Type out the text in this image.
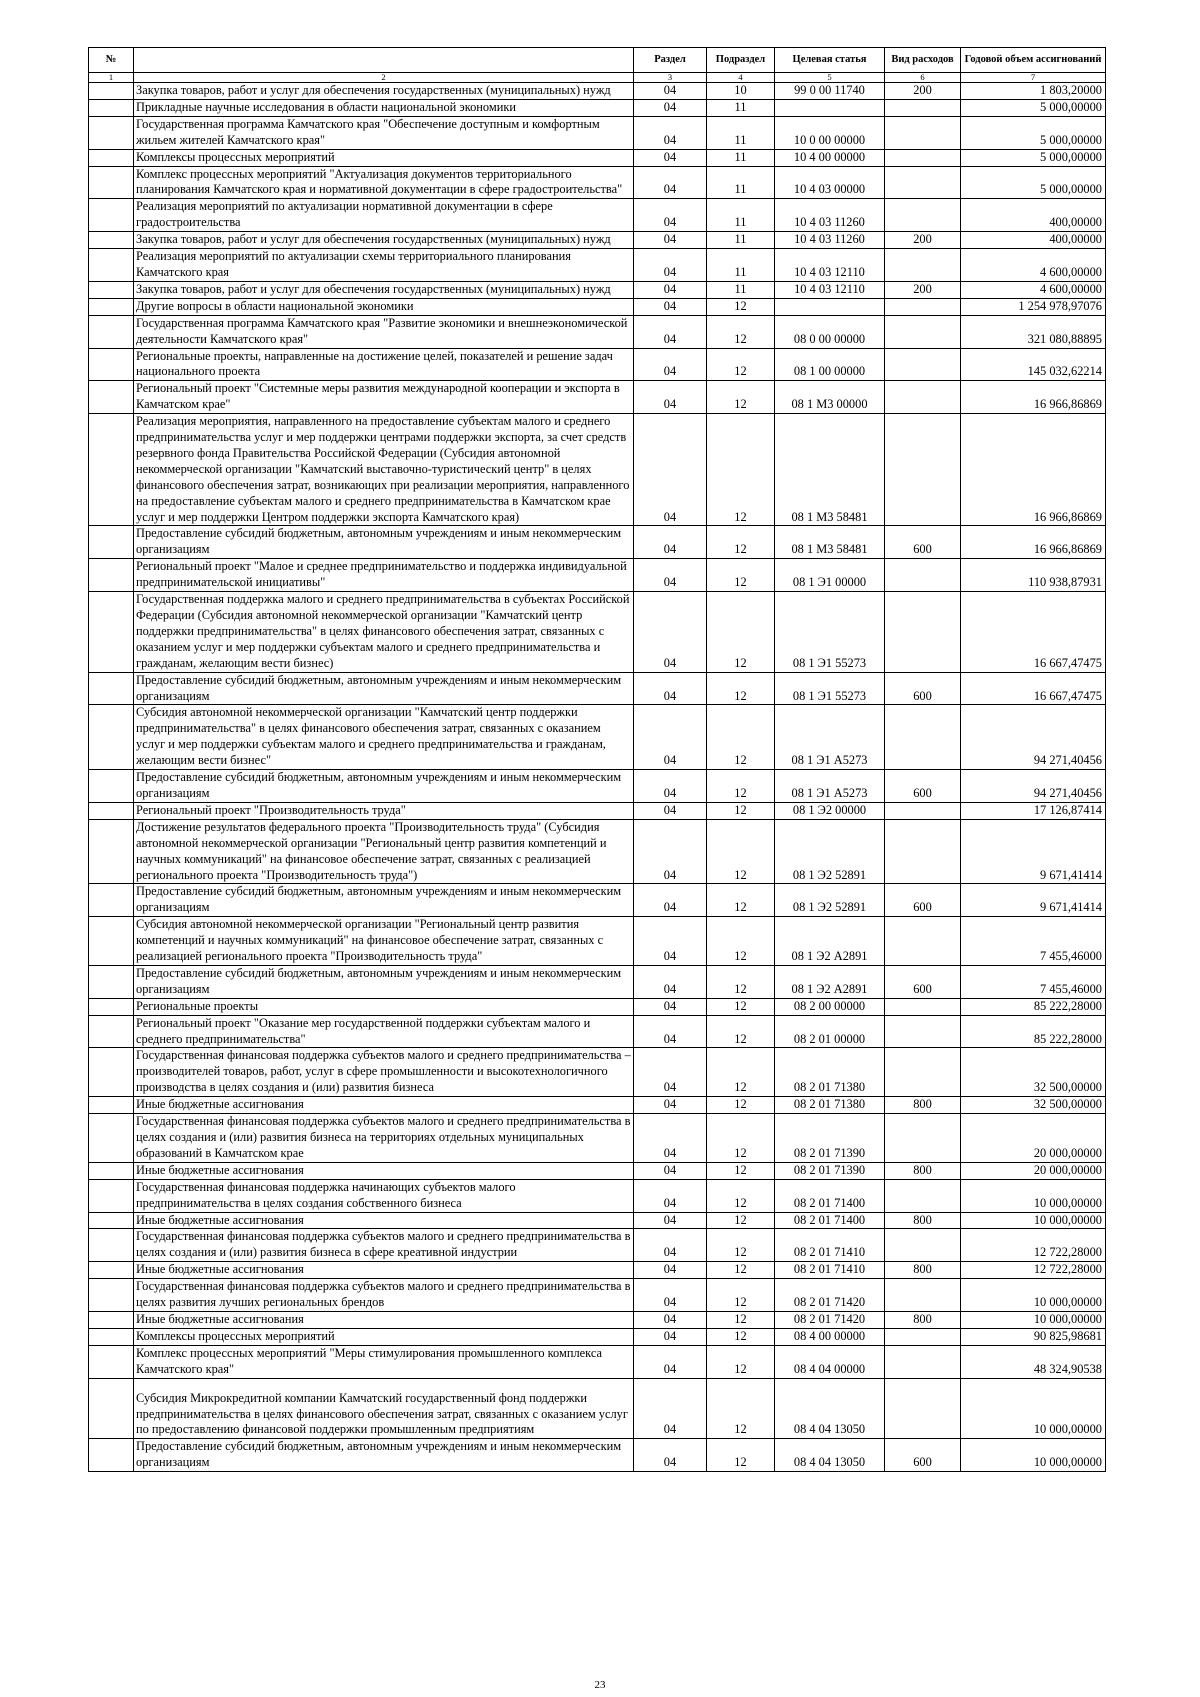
№		Раздел	Подраздел	Целевая статья	Вид расходов	Годовой объем ассигнований
1	2	3	4	5	6	7
	Закупка товаров, работ и услуг для обеспечения государственных (муниципальных) нужд	04	10	99 0 00 11740	200	1 803,20000
	Прикладные научные исследования в области национальной экономики	04	11			5 000,00000
	Государственная программа Камчатского края "Обеспечение доступным и комфортным жильем жителей Камчатского края"	04	11	10 0 00 00000		5 000,00000
	Комплексы процессных мероприятий	04	11	10 4 00 00000		5 000,00000
	Комплекс процессных мероприятий "Актуализация документов территориального планирования Камчатского края и нормативной документации в сфере градостроительства"	04	11	10 4 03 00000		5 000,00000
	Реализация мероприятий по актуализации нормативной документации в сфере градостроительства	04	11	10 4 03 11260		400,00000
	Закупка товаров, работ и услуг для обеспечения государственных (муниципальных) нужд	04	11	10 4 03 11260	200	400,00000
	Реализация мероприятий по актуализации схемы территориального планирования Камчатского края	04	11	10 4 03 12110		4 600,00000
	Закупка товаров, работ и услуг для обеспечения государственных (муниципальных) нужд	04	11	10 4 03 12110	200	4 600,00000
	Другие вопросы в области национальной экономики	04	12			1 254 978,97076
	Государственная программа Камчатского края "Развитие экономики и внешнеэкономической деятельности Камчатского края"	04	12	08 0 00 00000		321 080,88895
	Региональные проекты, направленные на достижение целей, показателей и решение задач национального проекта	04	12	08 1 00 00000		145 032,62214
	Региональный проект "Системные меры развития международной кооперации и экспорта в Камчатском крае"	04	12	08 1 М3 00000		16 966,86869
	Реализация мероприятия, направленного на предоставление субъектам малого и среднего предпринимательства услуг и мер поддержки центрами поддержки экспорта, за счет средств резервного фонда Правительства Российской Федерации (Субсидия автономной некоммерческой организации "Камчатский выставочно-туристический центр" в целях финансового обеспечения затрат, возникающих при реализации мероприятия, направленного на предоставление субъектам малого и среднего предпринимательства в Камчатском крае услуг и мер поддержки Центром поддержки экспорта Камчатского края)	04	12	08 1 М3 58481		16 966,86869
	Предоставление субсидий бюджетным, автономным учреждениям и иным некоммерческим организациям	04	12	08 1 М3 58481	600	16 966,86869
	Региональный проект "Малое и среднее предпринимательство и поддержка индивидуальной предпринимательской инициативы"	04	12	08 1 Э1 00000		110 938,87931
	Государственная поддержка малого и среднего предпринимательства в субъектах Российской Федерации (Субсидия автономной некоммерческой организации "Камчатский центр поддержки предпринимательства" в целях финансового обеспечения затрат, связанных с оказанием услуг и мер поддержки субъектам малого и среднего предпринимательства и гражданам, желающим вести бизнес)	04	12	08 1 Э1 55273		16 667,47475
	Предоставление субсидий бюджетным, автономным учреждениям и иным некоммерческим организациям	04	12	08 1 Э1 55273	600	16 667,47475
	Субсидия автономной некоммерческой организации "Камчатский центр поддержки предпринимательства" в целях финансового обеспечения затрат, связанных с оказанием услуг и мер поддержки субъектам малого и среднего предпринимательства и гражданам, желающим вести бизнес"	04	12	08 1 Э1 А5273		94 271,40456
	Предоставление субсидий бюджетным, автономным учреждениям и иным некоммерческим организациям	04	12	08 1 Э1 А5273	600	94 271,40456
	Региональный проект "Производительность труда"	04	12	08 1 Э2 00000		17 126,87414
	Достижение результатов федерального проекта "Производительность труда" (Субсидия автономной некоммерческой организации "Региональный центр развития компетенций и научных коммуникаций" на финансовое обеспечение затрат, связанных с реализацией регионального проекта "Производительность труда")	04	12	08 1 Э2 52891		9 671,41414
	Предоставление субсидий бюджетным, автономным учреждениям и иным некоммерческим организациям	04	12	08 1 Э2 52891	600	9 671,41414
	Субсидия автономной некоммерческой организации "Региональный центр развития компетенций и научных коммуникаций" на финансовое обеспечение затрат, связанных с реализацией регионального проекта "Производительность труда"	04	12	08 1 Э2 А2891		7 455,46000
	Предоставление субсидий бюджетным, автономным учреждениям и иным некоммерческим организациям	04	12	08 1 Э2 А2891	600	7 455,46000
	Региональные проекты	04	12	08 2 00 00000		85 222,28000
	Региональный проект "Оказание мер государственной поддержки субъектам малого и среднего предпринимательства"	04	12	08 2 01 00000		85 222,28000
	Государственная финансовая поддержка субъектов малого и среднего предпринимательства – производителей товаров, работ, услуг в сфере промышленности и высокотехнологичного производства в целях создания и (или) развития бизнеса	04	12	08 2 01 71380		32 500,00000
	Иные бюджетные ассигнования	04	12	08 2 01 71380	800	32 500,00000
	Государственная финансовая поддержка субъектов малого и среднего предпринимательства в целях создания и (или) развития бизнеса на территориях отдельных муниципальных образований в Камчатском крае	04	12	08 2 01 71390		20 000,00000
	Иные бюджетные ассигнования	04	12	08 2 01 71390	800	20 000,00000
	Государственная финансовая поддержка начинающих субъектов малого предпринимательства в целях создания собственного бизнеса	04	12	08 2 01 71400		10 000,00000
	Иные бюджетные ассигнования	04	12	08 2 01 71400	800	10 000,00000
	Государственная финансовая поддержка субъектов малого и среднего предпринимательства в целях создания и (или) развития бизнеса в сфере креативной индустрии	04	12	08 2 01 71410		12 722,28000
	Иные бюджетные ассигнования	04	12	08 2 01 71410	800	12 722,28000
	Государственная финансовая поддержка субъектов малого и среднего предпринимательства в целях развития лучших региональных брендов	04	12	08 2 01 71420		10 000,00000
	Иные бюджетные ассигнования	04	12	08 2 01 71420	800	10 000,00000
	Комплексы процессных мероприятий	04	12	08 4 00 00000		90 825,98681
	Комплекс процессных мероприятий "Меры стимулирования промышленного комплекса Камчатского края"	04	12	08 4 04 00000		48 324,90538
	Субсидия Микрокредитной компании Камчатский государственный фонд поддержки предпринимательства в целях финансового обеспечения затрат, связанных с оказанием услуг по предоставлению финансовой поддержки промышленным предприятиям	04	12	08 4 04 13050		10 000,00000
	Предоставление субсидий бюджетным, автономным учреждениям и иным некоммерческим организациям	04	12	08 4 04 13050	600	10 000,00000
23
